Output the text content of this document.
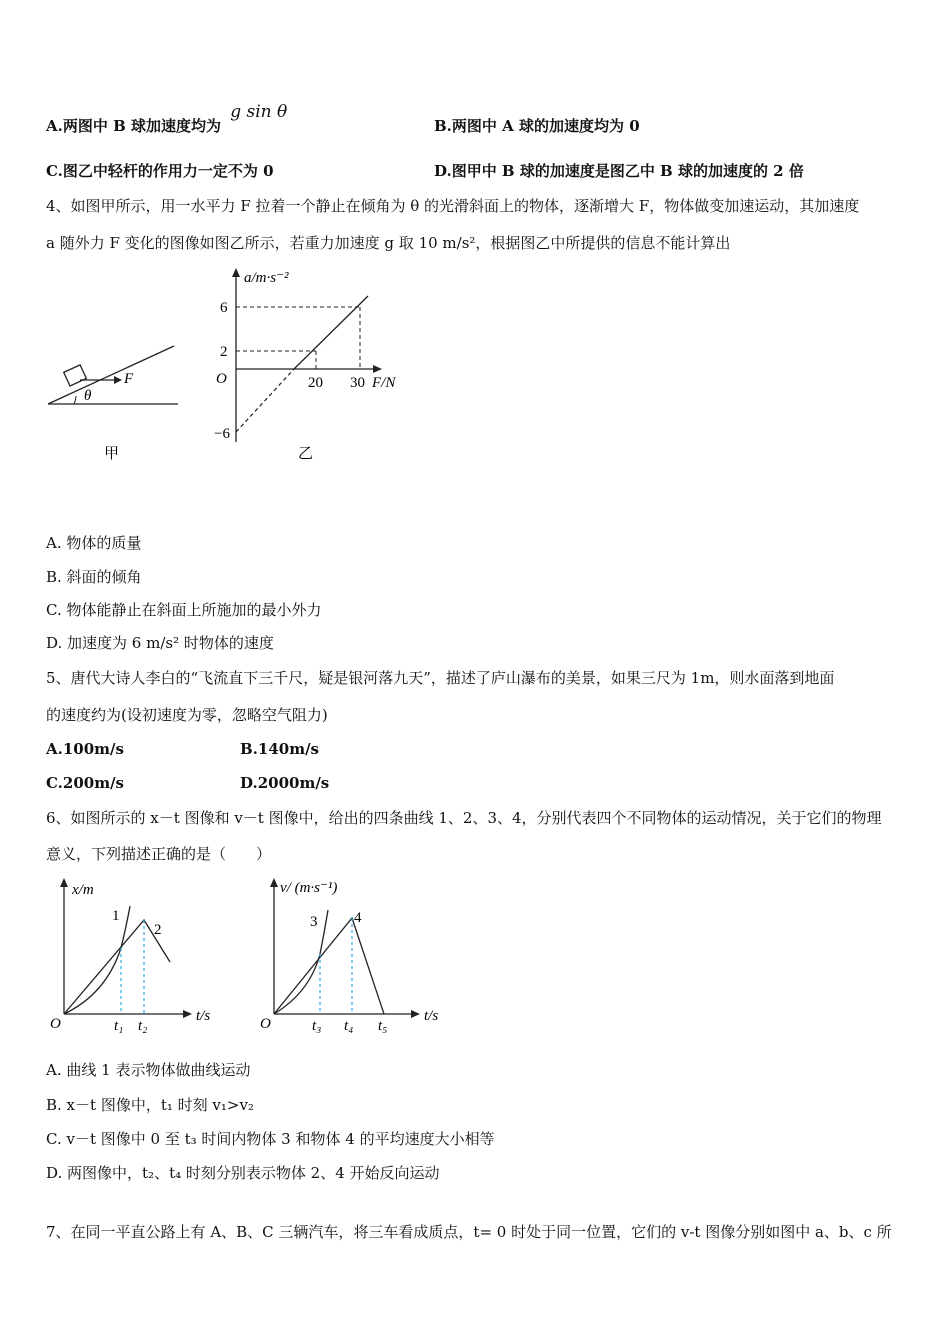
A.两图中 B 球加速度均为 g sin θ
B.两图中 A 球的加速度均为 0
C.图乙中轻杆的作用力一定不为 0	D.图甲中 B 球的加速度是图乙中 B 球的加速度的 2 倍
4、如图甲所示，用一水平力 F 拉着一个静止在倾角为 θ 的光滑斜面上的物体，逐渐增大 F，物体做变加速运动，其加速度
a 随外力 F 变化的图像如图乙所示，若重力加速度 g 取 10 m/s²，根据图乙中所提供的信息不能计算出
F
θ
甲
a/m·s⁻²
6
2
−6
O	20 30 F/N
乙
A. 物体的质量
B. 斜面的倾角
C. 物体能静止在斜面上所施加的最小外力
D. 加速度为 6 m/s² 时物体的速度
5、唐代大诗人李白的“飞流直下三千尺，疑是银河落九天”，描述了庐山瀑布的美景，如果三尺为 1m，则水面落到地面
的速度约为(设初速度为零，忽略空气阻力)
A.100m/s	B.140m/s
C.200m/s	D.2000m/s
6、如图所示的 x－t 图像和 v－t 图像中，给出的四条曲线 1、2、3、4，分别代表四个不同物体的运动情况，关于它们的物理
意义，下列描述正确的是（　　）
x/m
1
2
O	t₁ t₂
t/s
v/ (m·s⁻¹)
3 4
O	t₃ t₄ t₅
t/s
A. 曲线 1 表示物体做曲线运动
B. x－t 图像中，t₁ 时刻 v₁>v₂
C. v－t 图像中 0 至 t₃ 时间内物体 3 和物体 4 的平均速度大小相等
D. 两图像中，t₂、t₄ 时刻分别表示物体 2、4 开始反向运动
7、在同一平直公路上有 A、B、C 三辆汽车，将三车看成质点，t= 0 时处于同一位置，它们的 v-t 图像分别如图中 a、b、c 所
